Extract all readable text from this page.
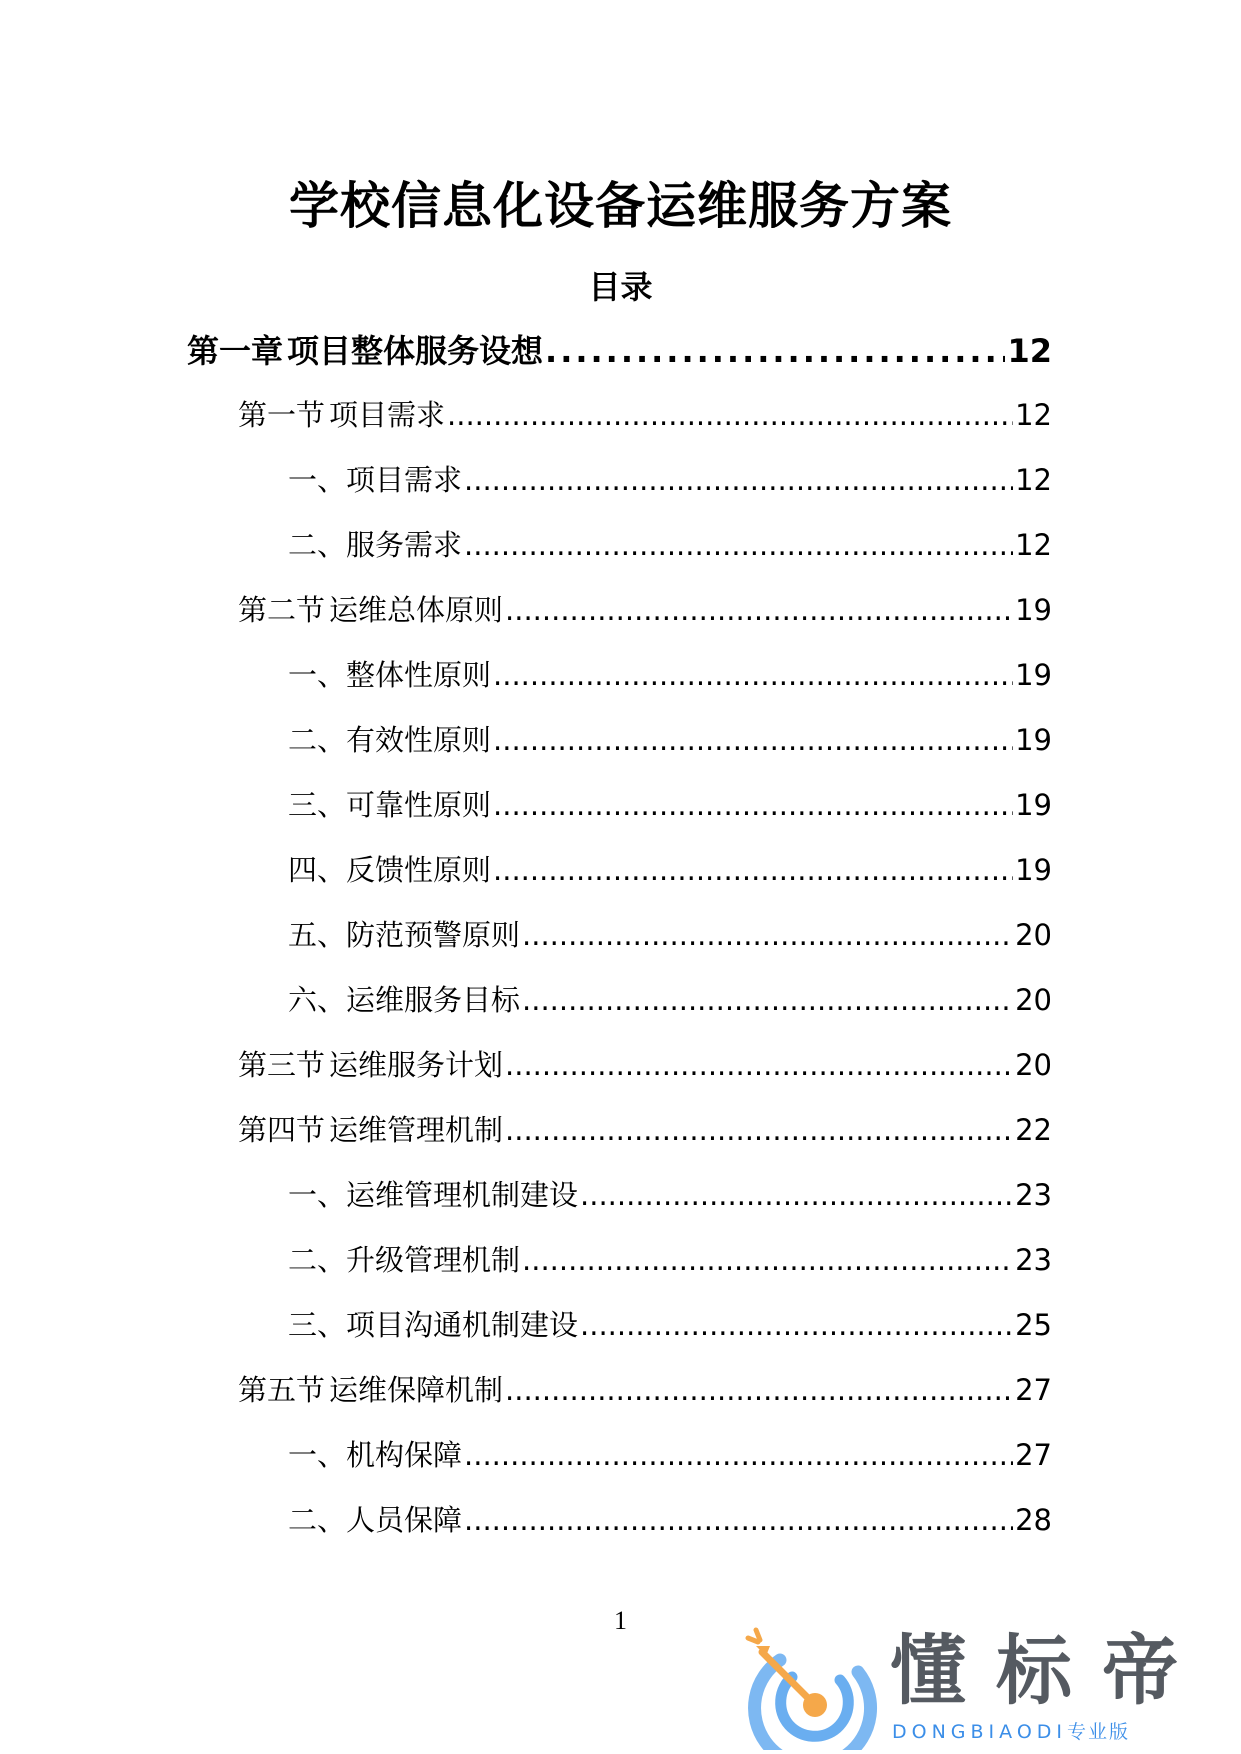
学校信息化设备运维服务方案
目录
第一章 项目整体服务设想 .....	12
第一节 项目需求 .....	12
一、项目需求 .....	12
二、服务需求 .....	12
第二节 运维总体原则 .....	19
一、整体性原则 .....	19
二、有效性原则 .....	19
三、可靠性原则 .....	19
四、反馈性原则 .....	19
五、防范预警原则 .....	20
六、运维服务目标 .....	20
第三节 运维服务计划 .....	20
第四节 运维管理机制 .....	22
一、运维管理机制建设 .....	23
二、升级管理机制 .....	23
三、项目沟通机制建设 .....	25
第五节 运维保障机制 .....	27
一、机构保障 .....	27
二、人员保障 .....	28
1
懂标帝
DONGBIAODI专业版
